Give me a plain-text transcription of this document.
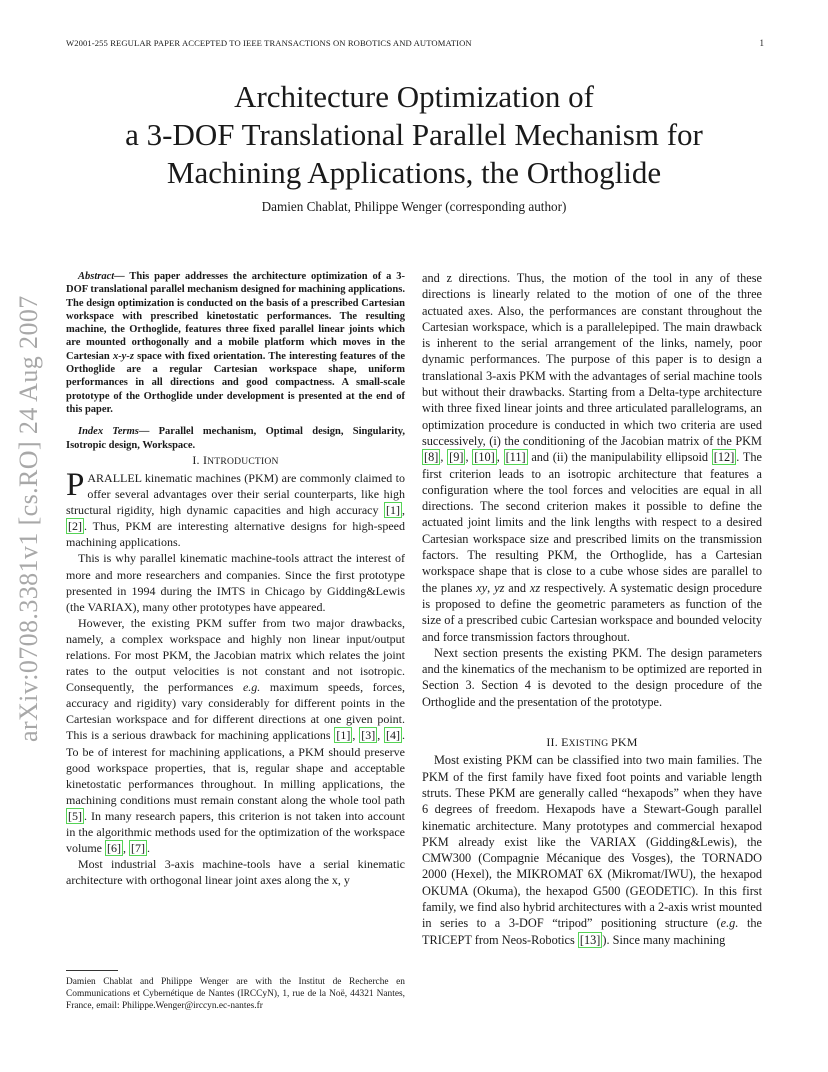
W2001-255 REGULAR PAPER ACCEPTED TO IEEE TRANSACTIONS ON ROBOTICS AND AUTOMATION	1
Architecture Optimization of
a 3-DOF Translational Parallel Mechanism for
Machining Applications, the Orthoglide
Damien Chablat, Philippe Wenger (corresponding author)
arXiv:0708.3381v1 [cs.RO] 24 Aug 2007

Abstract— This paper addresses the architecture optimization of a 3-DOF translational parallel mechanism designed for machining applications. The design optimization is conducted on the basis of a prescribed Cartesian workspace with prescribed kinetostatic performances. The resulting machine, the Orthoglide, features three fixed parallel linear joints which are mounted orthogonally and a mobile platform which moves in the Cartesian x-y-z space with fixed orientation. The interesting features of the Orthoglide are a regular Cartesian workspace shape, uniform performances in all directions and good compactness. A small-scale prototype of the Orthoglide under development is presented at the end of this paper.

Index Terms— Parallel mechanism, Optimal design, Singularity, Isotropic design, Workspace.

I. INTRODUCTION

PARALLEL kinematic machines (PKM) are commonly claimed to offer several advantages over their serial counterparts, like high structural rigidity, high dynamic capacities and high accuracy [1] , [2] . Thus, PKM are interesting alternative designs for high-speed machining applications.

This is why parallel kinematic machine-tools attract the interest of more and more researchers and companies. Since the first prototype presented in 1994 during the IMTS in Chicago by Gidding&Lewis (the VARIAX), many other prototypes have appeared.

However, the existing PKM suffer from two major drawbacks, namely, a complex workspace and highly non linear input/output relations. For most PKM, the Jacobian matrix which relates the joint rates to the output velocities is not constant and not isotropic. Consequently, the performances e.g. maximum speeds, forces, accuracy and rigidity) vary considerably for different points in the Cartesian workspace and for different directions at one given point. This is a serious drawback for machining applications [1] , [3] , [4] . To be of interest for machining applications, a PKM should preserve good workspace properties, that is, regular shape and acceptable kinetostatic performances throughout. In milling applications, the machining conditions must remain constant along the whole tool path [5] . In many research papers, this criterion is not taken into account in the algorithmic methods used for the optimization of the workspace volume [6] , [7] .

Most industrial 3-axis machine-tools have a serial kinematic architecture with orthogonal linear joint axes along the x, y

Damien Chablat and Philippe Wenger are with the Institut de Recherche en Communications et Cybernétique de Nantes (IRCCyN), 1, rue de la Noë, 44321 Nantes, France, email: Philippe.Wenger@irccyn.ec-nantes.fr

and z directions. Thus, the motion of the tool in any of these directions is linearly related to the motion of one of the three actuated axes. Also, the performances are constant throughout the Cartesian workspace, which is a parallelepiped. The main drawback is inherent to the serial arrangement of the links, namely, poor dynamic performances. The purpose of this paper is to design a translational 3-axis PKM with the advantages of serial machine tools but without their drawbacks. Starting from a Delta-type architecture with three fixed linear joints and three articulated parallelograms, an optimization procedure is conducted in which two criteria are used successively, (i) the conditioning of the Jacobian matrix of the PKM [8] , [9] , [10] , [11] and (ii) the manipulability ellipsoid [12] . The first criterion leads to an isotropic architecture that features a configuration where the tool forces and velocities are equal in all directions. The second criterion makes it possible to define the actuated joint limits and the link lengths with respect to a desired Cartesian workspace size and prescribed limits on the transmission factors. The resulting PKM, the Orthoglide, has a Cartesian workspace shape that is close to a cube whose sides are parallel to the planes xy, yz and xz respectively. A systematic design procedure is proposed to define the geometric parameters as function of the size of a prescribed cubic Cartesian workspace and bounded velocity and force transmission factors throughout.

Next section presents the existing PKM. The design parameters and the kinematics of the mechanism to be optimized are reported in Section 3. Section 4 is devoted to the design procedure of the Orthoglide and the presentation of the prototype.

II. EXISTING PKM

Most existing PKM can be classified into two main families. The PKM of the first family have fixed foot points and variable length struts. These PKM are generally called “hexapods” when they have 6 degrees of freedom. Hexapods have a Stewart-Gough parallel kinematic architecture. Many prototypes and commercial hexapod PKM already exist like the VARIAX (Gidding&Lewis), the CMW300 (Compagnie Mécanique des Vosges), the TORNADO 2000 (Hexel), the MIKROMAT 6X (Mikromat/IWU), the hexapod OKUMA (Okuma), the hexapod G500 (GEODETIC). In this first family, we find also hybrid architectures with a 2-axis wrist mounted in series to a 3-DOF “tripod” positioning structure (e.g. the TRICEPT from Neos-Robotics [13] ). Since many machining
